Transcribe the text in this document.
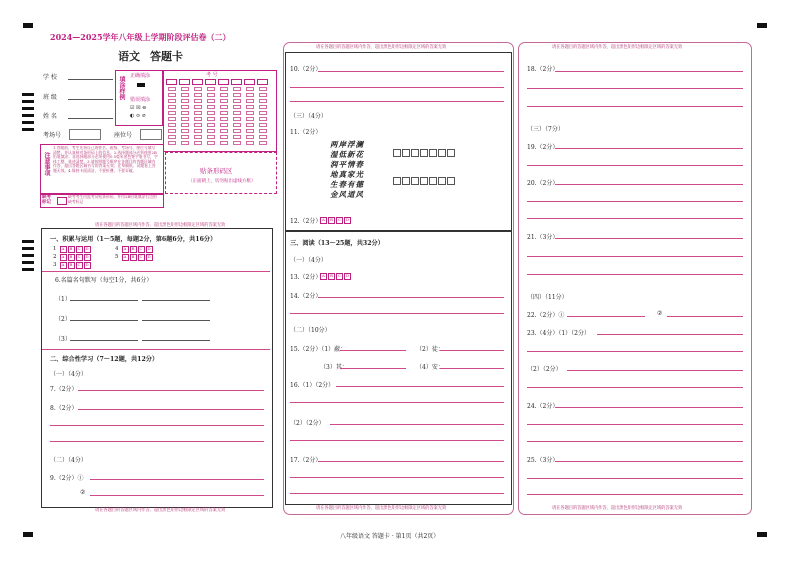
2024—2025学年八年级上学期阶段评估卷（二）
语文 答题卡
学 校
班 级
姓 名
考场号	座位号
填涂样例 正确填涂
错误填涂
☑ ☒ ⊖
◐ ⊙ ⊘
考 号
注意事项
1.答题前，考生先将自己的姓名、班级、考场号、座位号填写清楚，并认真核对条形码上的信息。2.选择题部分必须使用2B铅笔填涂；非选择题部分必须使用0.5毫米黑色签字笔书写，字体工整、笔迹清楚。3.请按照题号顺序在各题目的答题区域内作答，超出答题区域书写的答案无效；在草稿纸、试题卷上答题无效。4.保持卡面清洁，不要折叠、不要弄破。	贴条形码区
（正面朝上，切勿贴出虚线方框）
缺考标记
缺考考生由监考员贴条形码，并用2B铅笔填涂右边的缺考标记
请在各题目的答题区域内作答，超出黑色矩形边框限定区域的答案无效
请在各题目的答题区域内作答，超出黑色矩形边框限定区域的答案无效
一、积累与运用（1～5题，每题2分，第6题6分，共16分）
1 A B C D
2 A B C D
3 A B C D
4 A B C D
5 A B C D
6.名篇名句默写（每空1分，共6分）
（1）
（2）
（3）
二、综合性学习（7～12题，共12分）
（一）（4分）
7.（2分）
8.（2分）
（二）（4分）
9.（2分）①
②
请在各题目的答题区域内作答，超出黑色矩形边框限定区域的答案无效
10.（2分）
（三）（4分）
11.（2分）
两岸浮澜
湿低新花
润平情春
地真家光
生春有德
金风道风
12.（2分） A B C D
三、阅读（13～25题，共32分）
（一）（4分）
13.（2分） A B C D
14.（2分）
（二）（10分）
15.（2分）（1）蔽：	（2）徒：
（3）其：	（4）安：
16.（1）（2分）
（2）（2分）
17.（2分）
请在各题目的答题区域内作答，超出黑色矩形边框限定区域的答案无效
请在各题目的答题区域内作答，超出黑色矩形边框限定区域的答案无效
18.（2分）
（三）（7分）
19.（2分）
20.（2分）
21.（3分）
（四）（11分）
22.（2分）①	②
23.（4分）（1）（2分）
（2）（2分）
24.（2分）
25.（3分）
请在各题目的答题区域内作答，超出黑色矩形边框限定区域的答案无效
八年级语文 答题卡 · 第1页（共2页）
